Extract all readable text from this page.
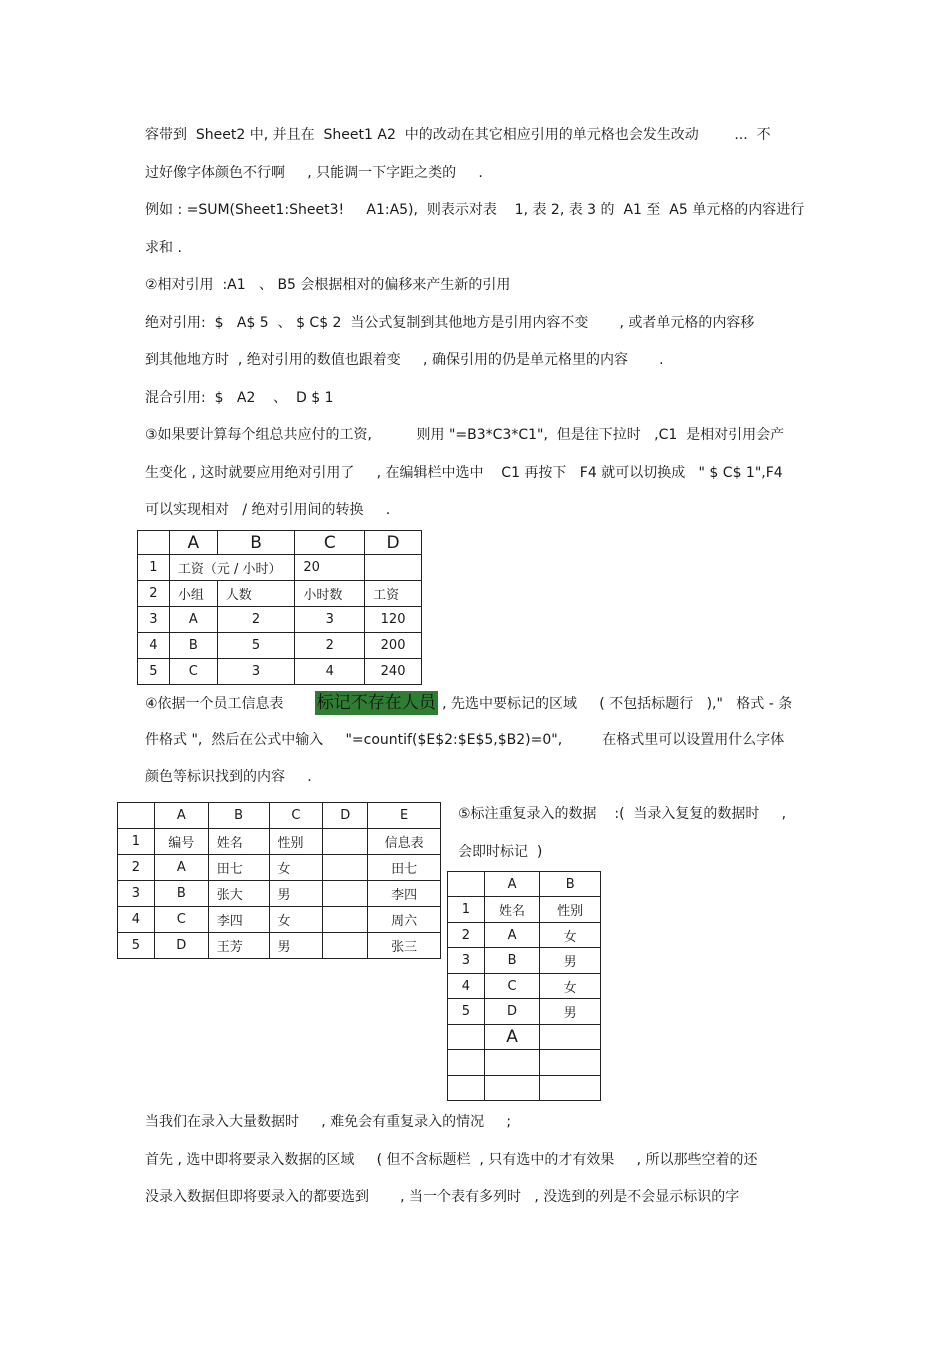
容带到  Sheet2 中, 并且在  Sheet1 A2  中的改动在其它相应引用的单元格也会发生改动        ...  不
过好像字体颜色不行啊     , 只能调一下字距之类的     .
例如 : =SUM(Sheet1:Sheet3!     A1:A5),  则表示对表    1, 表 2, 表 3 的  A1 至  A5 单元格的内容进行
求和 .
②相对引用  :A1   、 B5 会根据相对的偏移来产生新的引用
绝对引用:  $   A$ 5  、 $ C$ 2  当公式复制到其他地方是引用内容不变       , 或者单元格的内容移
到其他地方时  , 绝对引用的数值也跟着变     , 确保引用的仍是单元格里的内容       .
混合引用:  $   A2    、  D $ 1
③如果要计算每个组总共应付的工资,          则用 "=B3*C3*C1",  但是往下拉时   ,C1  是相对引用会产
生变化 , 这时就要应用绝对引用了     , 在编辑栏中选中    C1 再按下   F4 就可以切换成   " $ C$ 1",F4
可以实现相对   / 绝对引用间的转换     .
	A	B	C	D
1	工资（元 / 小时）		20	
2	小组	人数	小时数	工资
3	A	2	3	120
4	B	5	2	200
5	C	3	4	240
④依据一个员工信息表       标记不存在人员 , 先选中要标记的区域     ( 不包括标题行   ),"   格式 - 条
件格式 ",  然后在公式中输入     "=countif($E$2:$E$5,$B2)=0",         在格式里可以设置用什么字体
颜色等标识找到的内容     .
	A	B	C	D	E
1	编号	姓名	性别		信息表
2	A	田七	女		田七
3	B	张大	男		李四
4	C	李四	女		周六
5	D	王芳	男		张三
⑤标注重复录入的数据    :(  当录入复复的数据时     ,
会即时标记  )
	A	B
1	姓名	性别
2	A	女
3	B	男
4	C	女
5	D	男
	A	

当我们在录入大量数据时     , 难免会有重复录入的情况     ;
首先 , 选中即将要录入数据的区域     ( 但不含标题栏  , 只有选中的才有效果     , 所以那些空着的还
没录入数据但即将要录入的都要选到       , 当一个表有多列时   , 没选到的列是不会显示标识的字
